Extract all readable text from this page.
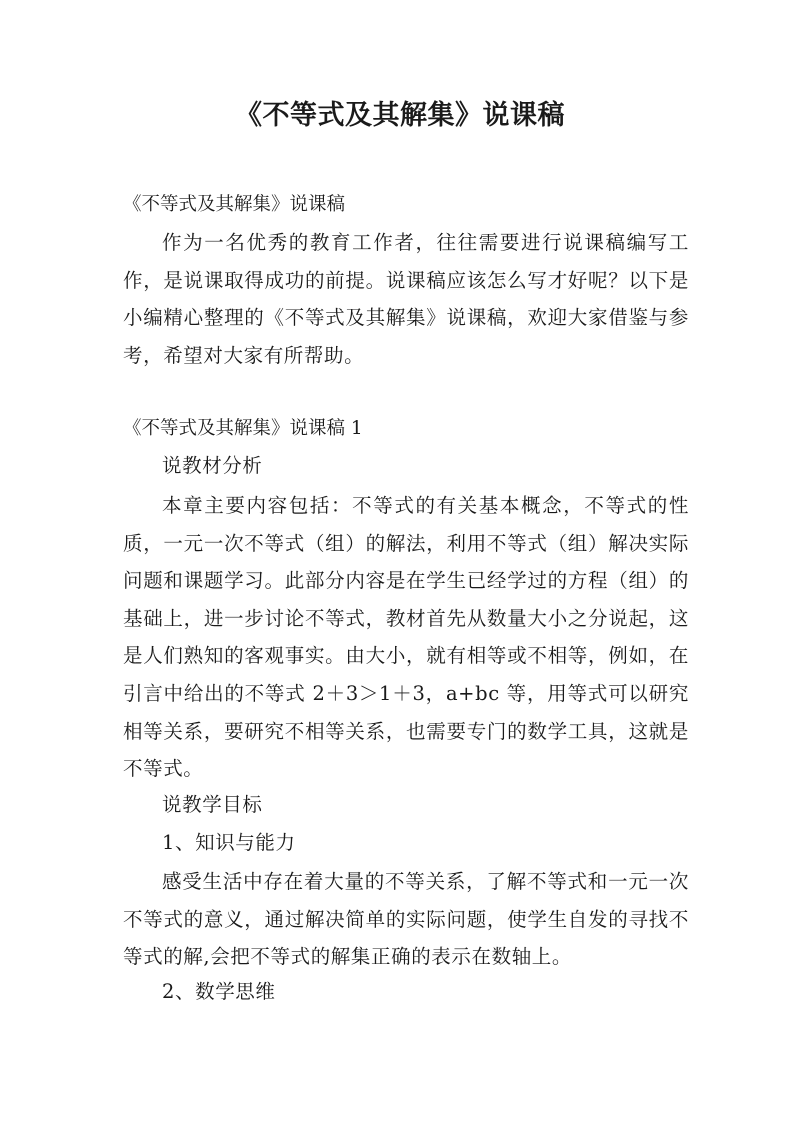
《不等式及其解集》说课稿
《不等式及其解集》说课稿
作为一名优秀的教育工作者，往往需要进行说课稿编写工作，是说课取得成功的前提。说课稿应该怎么写才好呢？以下是小编精心整理的《不等式及其解集》说课稿，欢迎大家借鉴与参考，希望对大家有所帮助。
《不等式及其解集》说课稿 1
说教材分析
本章主要内容包括：不等式的有关基本概念，不等式的性质，一元一次不等式（组）的解法，利用不等式（组）解决实际问题和课题学习。此部分内容是在学生已经学过的方程（组）的基础上，进一步讨论不等式，教材首先从数量大小之分说起，这是人们熟知的客观事实。由大小，就有相等或不相等，例如，在引言中给出的不等式 2＋3＞1＋3，a+bc 等，用等式可以研究相等关系，要研究不相等关系，也需要专门的数学工具，这就是不等式。
说教学目标
1、知识与能力
感受生活中存在着大量的不等关系，了解不等式和一元一次不等式的意义，通过解决简单的实际问题，使学生自发的寻找不等式的解,会把不等式的解集正确的表示在数轴上。
2、数学思维
